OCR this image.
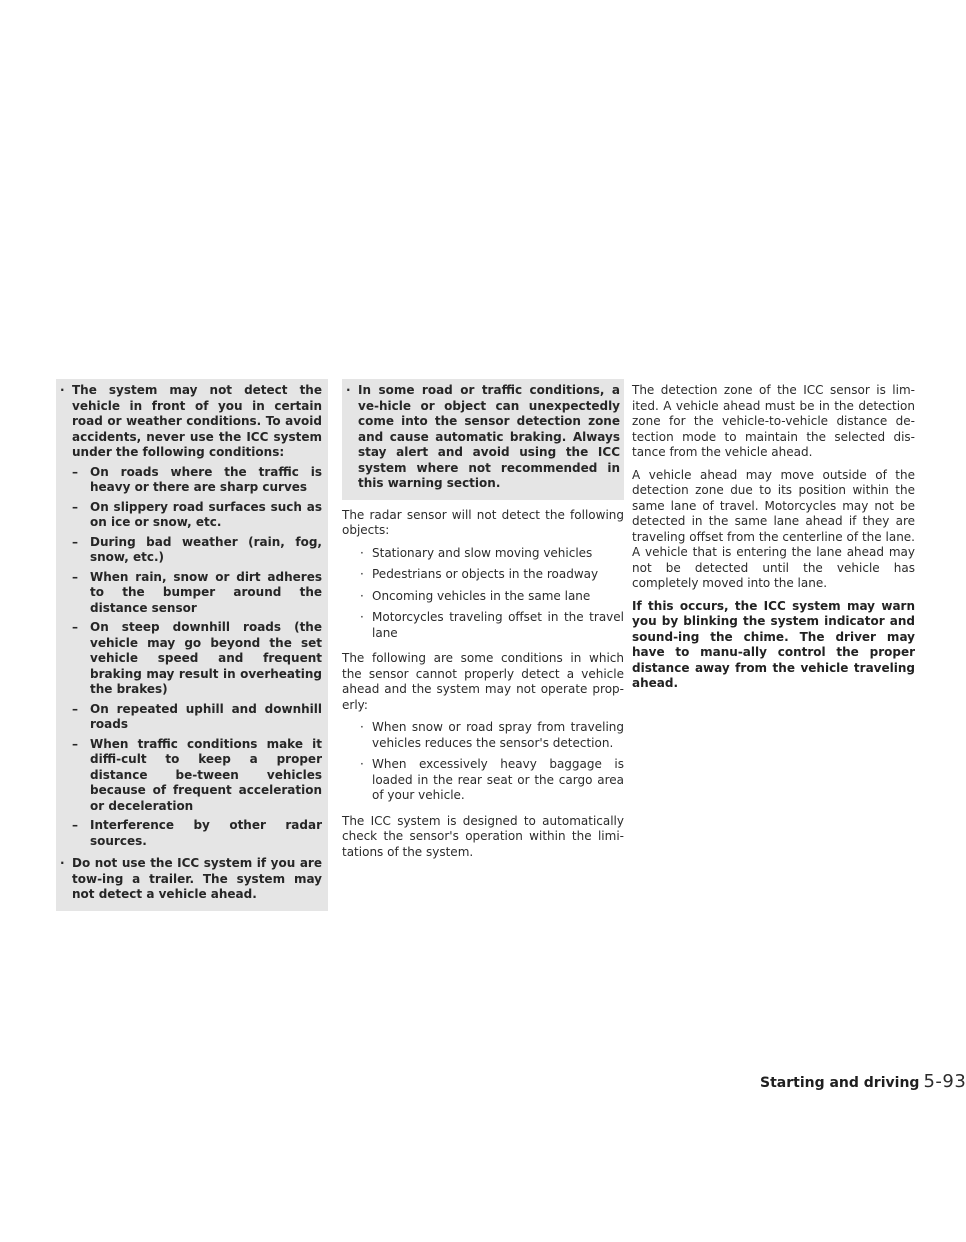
· The system may not detect the vehicle in front of you in certain road or weather conditions. To avoid accidents, never use the ICC system under the following conditions:
– On roads where the traffic is heavy or there are sharp curves
– On slippery road surfaces such as on ice or snow, etc.
– During bad weather (rain, fog, snow, etc.)
– When rain, snow or dirt adheres to the bumper around the distance sensor
– On steep downhill roads (the vehicle may go beyond the set vehicle speed and frequent braking may result in overheating the brakes)
– On repeated uphill and downhill roads
– When traffic conditions make it diffi-cult to keep a proper distance be-tween vehicles because of frequent acceleration or deceleration
– Interference by other radar sources.
· Do not use the ICC system if you are tow-ing a trailer. The system may not detect a vehicle ahead.
· In some road or traffic conditions, a ve-hicle or object can unexpectedly come into the sensor detection zone and cause automatic braking. Always stay alert and avoid using the ICC system where not recommended in this warning section.

The radar sensor will not detect the following objects:

· Stationary and slow moving vehicles
· Pedestrians or objects in the roadway
· Oncoming vehicles in the same lane
· Motorcycles traveling offset in the travel lane

The following are some conditions in which the sensor cannot properly detect a vehicle ahead and the system may not operate prop-erly:

· When snow or road spray from traveling vehicles reduces the sensor's detection.
· When excessively heavy baggage is loaded in the rear seat or the cargo area of your vehicle.

The ICC system is designed to automatically check the sensor's operation within the limi-tations of the system.

The detection zone of the ICC sensor is lim-ited. A vehicle ahead must be in the detection zone for the vehicle-to-vehicle distance de-tection mode to maintain the selected dis-tance from the vehicle ahead.

A vehicle ahead may move outside of the detection zone due to its position within the same lane of travel. Motorcycles may not be detected in the same lane ahead if they are traveling offset from the centerline of the lane. A vehicle that is entering the lane ahead may not be detected until the vehicle has completely moved into the lane.

If this occurs, the ICC system may warn you by blinking the system indicator and sound-ing the chime. The driver may have to manu-ally control the proper distance away from the vehicle traveling ahead.

Starting and driving 5-93
